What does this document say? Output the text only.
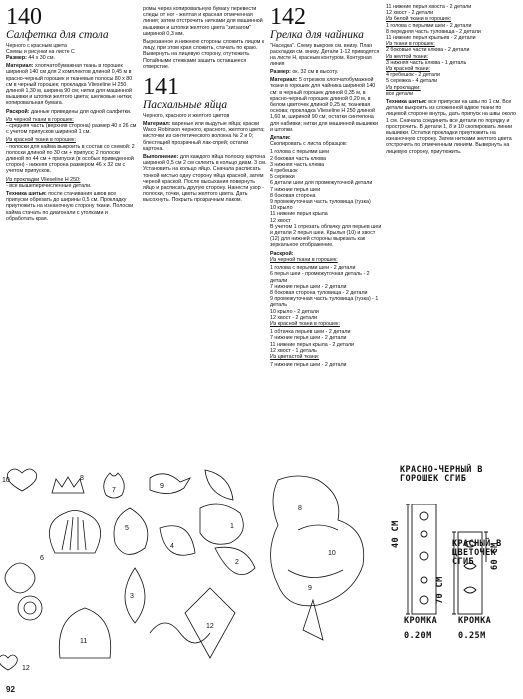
140
Салфетка для стола
Черного с красным цвета
Схемы и рисунки на листе С

Размер: 44 х 30 см.

Материал: хлопчатобумажная ткань в горошек шириной 140 см для 2 комплектов длиной 0,45 м в красно-черный горошек и тканевые полосы 80 х 80 см в черный горошек; прокладка Vlieseline H 250 длиной 1,30 м, ширина 90 см; нитки для машинной вышивки и штопки желтого цвета; шелковые нитки; копировальная бумага.

Раскрой: данные приведены для одной салфетки.

Из черной ткани в горошек:
- средняя часть (верхняя сторона) размер 40 х 26 см с учетом припусков шириной 1 см.

Из красной ткани в горошек:
- полоски для кайма выкроить в состав со схемой: 2 полоски длиной по 30 см + припуск; 2 полоски длиной по 44 см + припуски (в особых приведенной сторон) - нижняя сторона размером 46 х 32 см с учетом припусков.

Из прокладки Vlieseline H 250:
- все вышеперечисленные детали.

Техника шитья: после стачивания швов все припуски обрезать до ширины 0,5 см. Прокладку приутюжить на изнаночную сторону ткани. Полоски кайма стачать по диагонали с уголками и обработать края.

ромы через копировальную бумагу перевести следы от ног - желтая и красная отмеченная линия; затем отстрочить нитками для машинной вышивки и штопки желтого цвета "зигзагом" шириной 0,3 мм.

Вырезанное и нижнюю стороны сложить лицом к лицу, при этом края сложить, стачать по краю. Вывернуть на лицевую сторону, отутюжить. Потайными стежками зашить оставшееся отверстие.

141
Пасхальные яйца

Черного, красного и желтого цветов

Материал: вареные или выдутые яйца; краски Waco Robinson черного, красного, желтого цвета; кисточки из синтетического волокна № 2 и 0; блестящий прозрачный лак-спрей; остатки картона.

Выполнение: для каждого яйца полоску картона шириной 0,5 см 2 см склеить в кольцо диам. 3 см. Установить на кольцо яйцо. Сначала расписать тонкой кистью одну сторону яйца красной, затем черной краской. После высыхания повернуть яйцо и расписать другую сторону. Нанести узор - полоски, точки, цветы желтого цвета. Дать высохнуть. Покрыть прозрачным лаком.

142
Грелка для чайника

"Наседка". Схему выкроек см. внизу. План раскладки см. внизу. Детали 1-12 приводятся на листе Н, красным контуром. Контурная линия

Размер: ок. 32 см в высоту.

Материал: 5 отрезков хлопчатобумажной ткани в горошек для чайника шириной 140 см: в черный горошек длиной 0,35 м, в красно-черный горошек длиной 0,20 м, в белом цветочек длиной 0,25 м; тканевая основа; прокладка Vlieseline H 250 длиной 1,60 м, шириной 90 см; остатки синтепона для набивки; нитки для машинной вышивки и штопки.

Детали:
Скопировать с листа образцов:

1 голова с перьями шеи
2 боковая часть клюва
3 нижняя часть клюва
4 гребешок
5 сережки
6 детали шеи для промежуточной детали
7 нижние перья шеи
8 боковая сторона
9 промежуточная часть туловища (гузка)
10 крыло
11 нижние перья крыла
12 хвост

В учетом 1 отрезать облачку для перьев шеи и детали 2 перья шеи. Крылья (10) и хвост (12) для нижней стороны вырезать как зеркальное отображение.

Раскрой:
Из черной ткани в горошек:

1 голова с перьями шеи - 2 детали
6 перья шеи - промежуточная деталь - 2 детали
7 нижние перья шеи - 2 детали
8 боковая сторона туловища - 2 детали
9 промежуточная часть туловища (гузка) - 1 деталь
10 крыло - 2 детали
12 хвост - 2 детали

Из красной ткани в горошек:

1 обтачка перьев шеи - 2 детали
7 нижние перья шеи - 2 детали
11 нижние перья крыла - 2 детали
12 хвост - 1 деталь

Из цветастой ткани:

7 нижние перья шеи - 2 детали
11 нижние перья хвоста - 2 детали
12 хвост - 2 детали
Из белой ткани в горошек:
1 голова с перьями шеи - 2 детали
8 передняя часть туловища - 2 детали
11 нижние перья крыльев - 2 детали
Из ткани в горошек:
2 боковые части клюва - 2 детали
Из желтой ткани:
3 нижняя часть клюва - 1 деталь
Из красной ткани:
4 гребешок - 2 детали
5 сережка - 4 детали
Из прокладки:
все детали

Техника шитья: все припуски на швы по 1 см. Все детали выкроить из сложенной вдвое ткани по лицевой стороне внутрь, дать припуск на швы около 1 см. Сначала соединить все детали по порядку и прострочить. В детали 1, 8 и 10 скопировать линии вышивки. Остатки прокладки приутюжить на изнаночную сторону. Затем нитками желтого цвета отстрочить по отмеченным линиям. Вывернуть на лицевую сторону, приутюжить.

10	8
7
9
1
6
5
4
2
12
11
3
12
8
10
9
КРАСНО-ЧЕРНЫЙ В ГОРОШЕК СГИБ
КРАСНЫЙ В ЦВЕТОЧЕК СГИБ
40 СМ
70 СМ
60 СМ
КРОМКА
0.20M
КРОМКА
0.25M
92
